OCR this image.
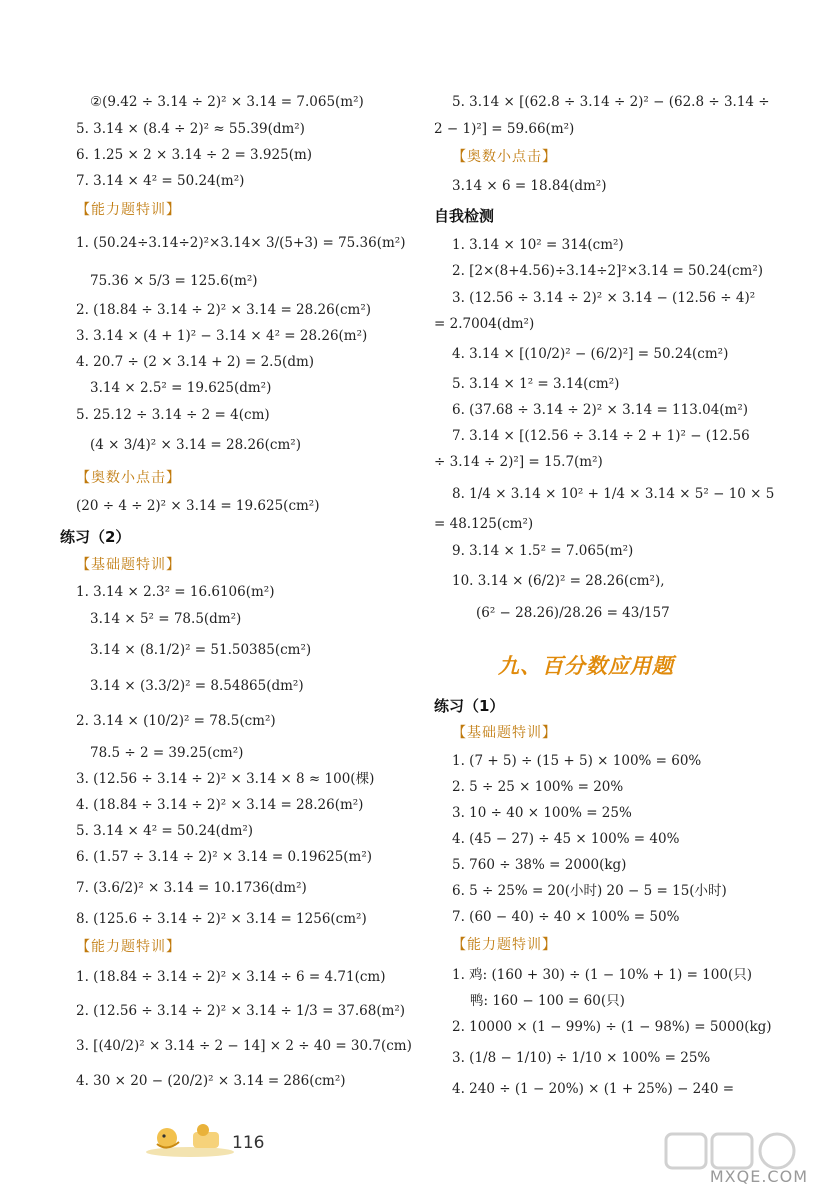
②(9.42 ÷ 3.14 ÷ 2)² × 3.14 = 7.065(m²)
5. 3.14 × (8.4 ÷ 2)² ≈ 55.39(dm²)
6. 1.25 × 2 × 3.14 ÷ 2 = 3.925(m)
7. 3.14 × 4² = 50.24(m²)
【能力题特训】
1. (50.24÷3.14÷2)²×3.14× 3/(5+3) = 75.36(m²)
75.36 × 5/3 = 125.6(m²)
2. (18.84 ÷ 3.14 ÷ 2)² × 3.14 = 28.26(cm²)
3. 3.14 × (4 + 1)² − 3.14 × 4² = 28.26(m²)
4. 20.7 ÷ (2 × 3.14 + 2) = 2.5(dm)
3.14 × 2.5² = 19.625(dm²)
5. 25.12 ÷ 3.14 ÷ 2 = 4(cm)
(4 × 3/4)² × 3.14 = 28.26(cm²)
【奥数小点击】
(20 ÷ 4 ÷ 2)² × 3.14 = 19.625(cm²)
练习（2）
【基础题特训】
1. 3.14 × 2.3² = 16.6106(m²)
3.14 × 5² = 78.5(dm²)
3.14 × (8.1/2)² = 51.50385(cm²)
3.14 × (3.3/2)² = 8.54865(dm²)
2. 3.14 × (10/2)² = 78.5(cm²)
78.5 ÷ 2 = 39.25(cm²)
3. (12.56 ÷ 3.14 ÷ 2)² × 3.14 × 8 ≈ 100(棵)
4. (18.84 ÷ 3.14 ÷ 2)² × 3.14 = 28.26(m²)
5. 3.14 × 4² = 50.24(dm²)
6. (1.57 ÷ 3.14 ÷ 2)² × 3.14 = 0.19625(m²)
7. (3.6/2)² × 3.14 = 10.1736(dm²)
8. (125.6 ÷ 3.14 ÷ 2)² × 3.14 = 1256(cm²)
【能力题特训】
1. (18.84 ÷ 3.14 ÷ 2)² × 3.14 ÷ 6 = 4.71(cm)
2. (12.56 ÷ 3.14 ÷ 2)² × 3.14 ÷ 1/3 = 37.68(m²)
3. [(40/2)² × 3.14 ÷ 2 − 14] × 2 ÷ 40 = 30.7(cm)
4. 30 × 20 − (20/2)² × 3.14 = 286(cm²)
5. 3.14 × [(62.8 ÷ 3.14 ÷ 2)² − (62.8 ÷ 3.14 ÷
2 − 1)²] = 59.66(m²)
【奥数小点击】
3.14 × 6 = 18.84(dm²)
自我检测
1. 3.14 × 10² = 314(cm²)
2. [2×(8+4.56)÷3.14÷2]²×3.14 = 50.24(cm²)
3. (12.56 ÷ 3.14 ÷ 2)² × 3.14 − (12.56 ÷ 4)²
= 2.7004(dm²)
4. 3.14 × [(10/2)² − (6/2)²] = 50.24(cm²)
5. 3.14 × 1² = 3.14(cm²)
6. (37.68 ÷ 3.14 ÷ 2)² × 3.14 = 113.04(m²)
7. 3.14 × [(12.56 ÷ 3.14 ÷ 2 + 1)² − (12.56
÷ 3.14 ÷ 2)²] = 15.7(m²)
8. 1/4 × 3.14 × 10² + 1/4 × 3.14 × 5² − 10 × 5
= 48.125(cm²)
9. 3.14 × 1.5² = 7.065(m²)
10. 3.14 × (6/2)² = 28.26(cm²),
(6² − 28.26)/28.26 = 43/157
九、百分数应用题
练习（1）
【基础题特训】
1. (7 + 5) ÷ (15 + 5) × 100% = 60%
2. 5 ÷ 25 × 100% = 20%
3. 10 ÷ 40 × 100% = 25%
4. (45 − 27) ÷ 45 × 100% = 40%
5. 760 ÷ 38% = 2000(kg)
6. 5 ÷ 25% = 20(小时) 20 − 5 = 15(小时)
7. (60 − 40) ÷ 40 × 100% = 50%
【能力题特训】
1. 鸡: (160 + 30) ÷ (1 − 10% + 1) = 100(只)
鸭: 160 − 100 = 60(只)
2. 10000 × (1 − 99%) ÷ (1 − 98%) = 5000(kg)
3. (1/8 − 1/10) ÷ 1/10 × 100% = 25%
4. 240 ÷ (1 − 20%) × (1 + 25%) − 240 =
116
MXQE.COM
